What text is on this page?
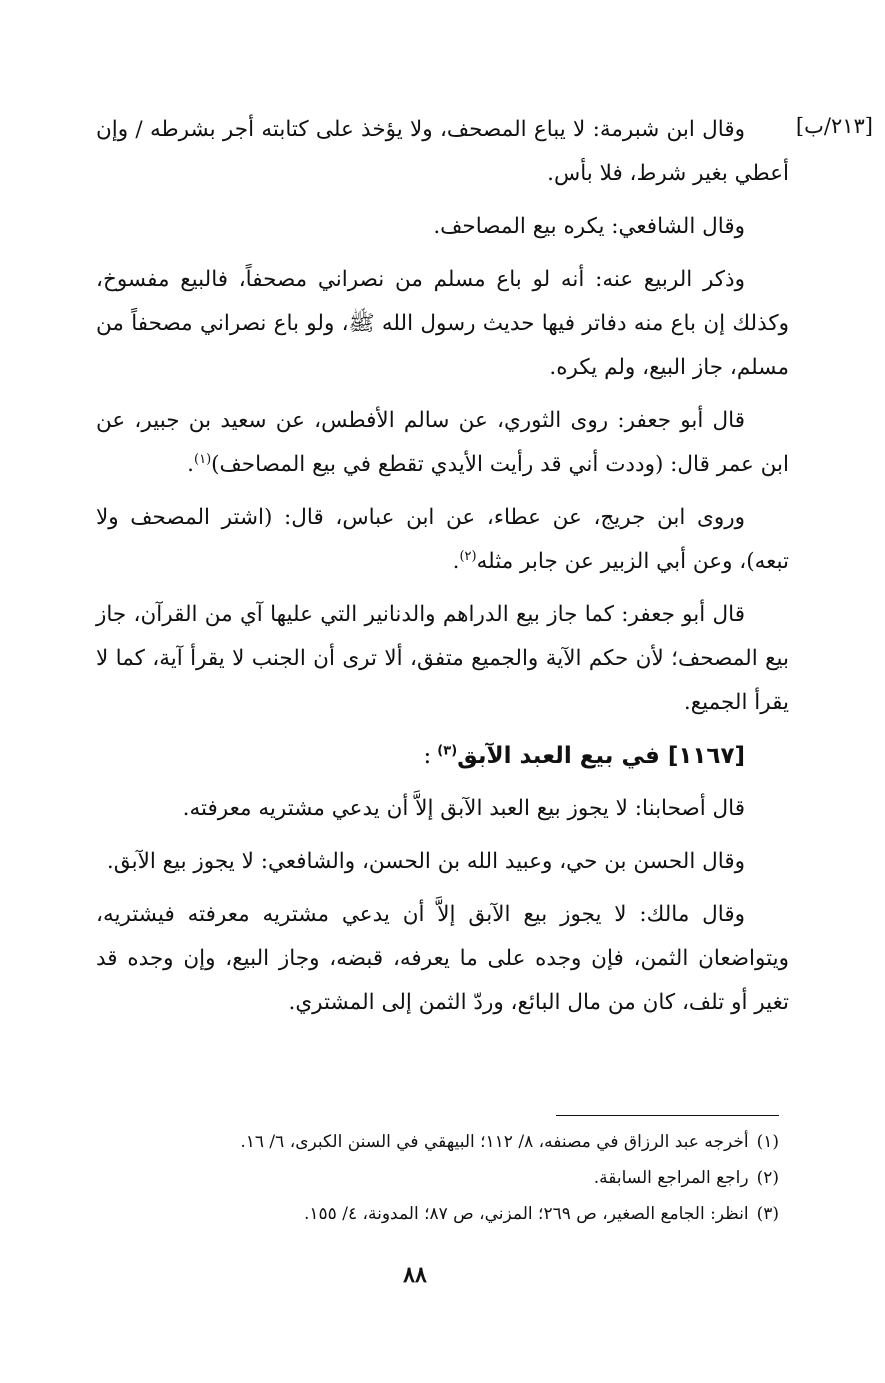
[٢١٣/ب]

وقال ابن شبرمة: لا يباع المصحف، ولا يؤخذ على كتابته أجر بشرطه / وإن أعطي بغير شرط، فلا بأس.

وقال الشافعي: يكره بيع المصاحف.

وذكر الربيع عنه: أنه لو باع مسلم من نصراني مصحفاً، فالبيع مفسوخ، وكذلك إن باع منه دفاتر فيها حديث رسول الله ﷺ، ولو باع نصراني مصحفاً من مسلم، جاز البيع، ولم يكره.

قال أبو جعفر: روى الثوري، عن سالم الأفطس، عن سعيد بن جبير، عن ابن عمر قال: (وددت أني قد رأيت الأيدي تقطع في بيع المصاحف)$^{(١)}$.

وروى ابن جريج، عن عطاء، عن ابن عباس، قال: (اشتر المصحف ولا تبعه)، وعن أبي الزبير عن جابر مثله$^{(٢)}$.

قال أبو جعفر: كما جاز بيع الدراهم والدنانير التي عليها آي من القرآن، جاز بيع المصحف؛ لأن حكم الآية والجميع متفق، ألا ترى أن الجنب لا يقرأ آية، كما لا يقرأ الجميع.

[١١٦٧] في بيع العبد الآبق$^{(٣)}$:

قال أصحابنا: لا يجوز بيع العبد الآبق إلاَّ أن يدعي مشتريه معرفته.

وقال الحسن بن حي، وعبيد الله بن الحسن، والشافعي: لا يجوز بيع الآبق.

وقال مالك: لا يجوز بيع الآبق إلاَّ أن يدعي مشتريه معرفته فيشتريه، ويتواضعان الثمن، فإن وجده على ما يعرفه، قبضه، وجاز البيع، وإن وجده قد تغير أو تلف، كان من مال البائع، وردّ الثمن إلى المشتري.

(١)أخرجه عبد الرزاق في مصنفه، ٨/ ١١٢؛ البيهقي في السنن الكبرى، ٦/ ١٦.

(٢)راجع المراجع السابقة.

(٣)انظر: الجامع الصغير، ص ٢٦٩؛ المزني، ص ٨٧؛ المدونة، ٤/ ١٥٥.

٨٨
